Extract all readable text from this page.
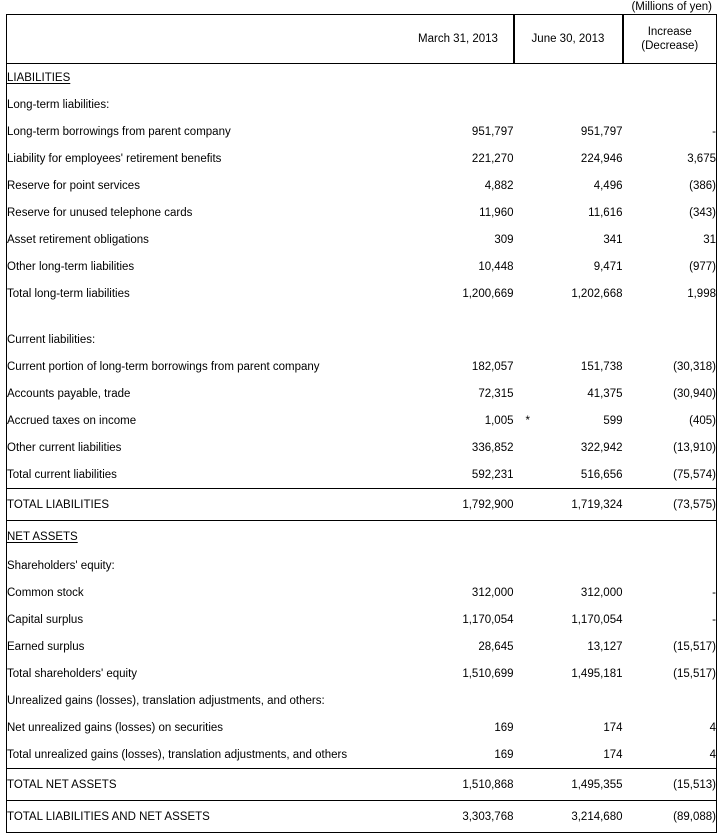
(Millions of yen)
	March 31, 2013	June 30, 2013	Increase
(Decrease)
LIABILITIES			
Long-term liabilities:			
Long-term borrowings from parent company	951,797	951,797	-
Liability for employees' retirement benefits	221,270	224,946	3,675
Reserve for point services	4,882	4,496	(386)
Reserve for unused telephone cards	11,960	11,616	(343)
Asset retirement obligations	309	341	31
Other long-term liabilities	10,448	9,471	(977)
Total long-term liabilities	1,200,669	1,202,668	1,998

Current liabilities:			
Current portion of long-term borrowings from parent company	182,057	151,738	(30,318)
Accounts payable, trade	72,315	41,375	(30,940)
Accrued taxes on income	1,005	* 599	(405)
Other current liabilities	336,852	322,942	(13,910)
Total current liabilities	592,231	516,656	(75,574)
TOTAL LIABILITIES	1,792,900	1,719,324	(73,575)
NET ASSETS			
Shareholders' equity:			
Common stock	312,000	312,000	-
Capital surplus	1,170,054	1,170,054	-
Earned surplus	28,645	13,127	(15,517)
Total shareholders' equity	1,510,699	1,495,181	(15,517)
Unrealized gains (losses), translation adjustments, and others:			
Net unrealized gains (losses) on securities	169	174	4
Total unrealized gains (losses), translation adjustments, and others	169	174	4
TOTAL NET ASSETS	1,510,868	1,495,355	(15,513)
TOTAL LIABILITIES AND NET ASSETS	3,303,768	3,214,680	(89,088)
